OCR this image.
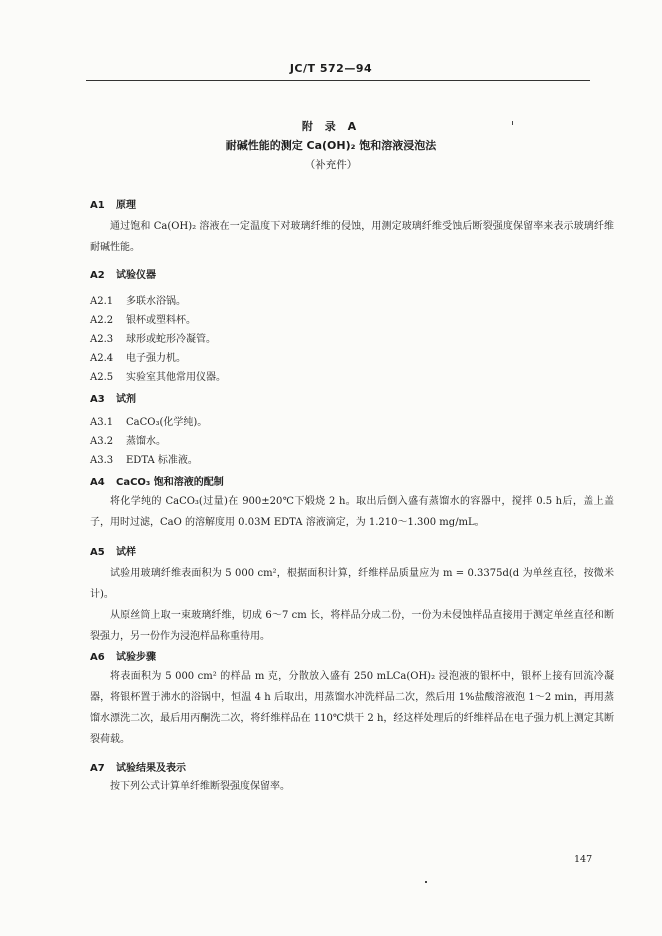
JC/T 572—94
附 录 A
耐碱性能的测定 Ca(OH)₂ 饱和溶液浸泡法
（补充件）
A1 原理
通过饱和 Ca(OH)₂ 溶液在一定温度下对玻璃纤维的侵蚀，用测定玻璃纤维受蚀后断裂强度保留率来表示玻璃纤维耐碱性能。
A2 试验仪器
A2.1 多联水浴锅。
A2.2 银杯或塑料杯。
A2.3 球形或蛇形冷凝管。
A2.4 电子强力机。
A2.5 实验室其他常用仪器。
A3 试剂
A3.1 CaCO₃(化学纯)。
A3.2 蒸馏水。
A3.3 EDTA 标准液。
A4 CaCO₃ 饱和溶液的配制
将化学纯的 CaCO₃(过量)在 900±20℃下煅烧 2 h。取出后倒入盛有蒸馏水的容器中，搅拌 0.5 h后，盖上盖子，用时过滤，CaO 的溶解度用 0.03M EDTA 溶液滴定，为 1.210～1.300 mg/mL。
A5 试样
试验用玻璃纤维表面积为 5 000 cm²，根据面积计算，纤维样品质量应为 m = 0.3375d(d 为单丝直径，按微米计)。
从原丝筒上取一束玻璃纤维，切成 6～7 cm 长，将样品分成二份，一份为未侵蚀样品直接用于测定单丝直径和断裂强力，另一份作为浸泡样品称重待用。
A6 试验步骤
将表面积为 5 000 cm² 的样品 m 克，分散放入盛有 250 mLCa(OH)₂ 浸泡液的银杯中，银杯上接有回流冷凝器，将银杯置于沸水的浴锅中，恒温 4 h 后取出，用蒸馏水冲洗样品二次，然后用 1%盐酸溶液泡 1～2 min，再用蒸馏水漂洗二次，最后用丙酮洗二次，将纤维样品在 110℃烘干 2 h，经这样处理后的纤维样品在电子强力机上测定其断裂荷载。
A7 试验结果及表示
按下列公式计算单纤维断裂强度保留率。
147
